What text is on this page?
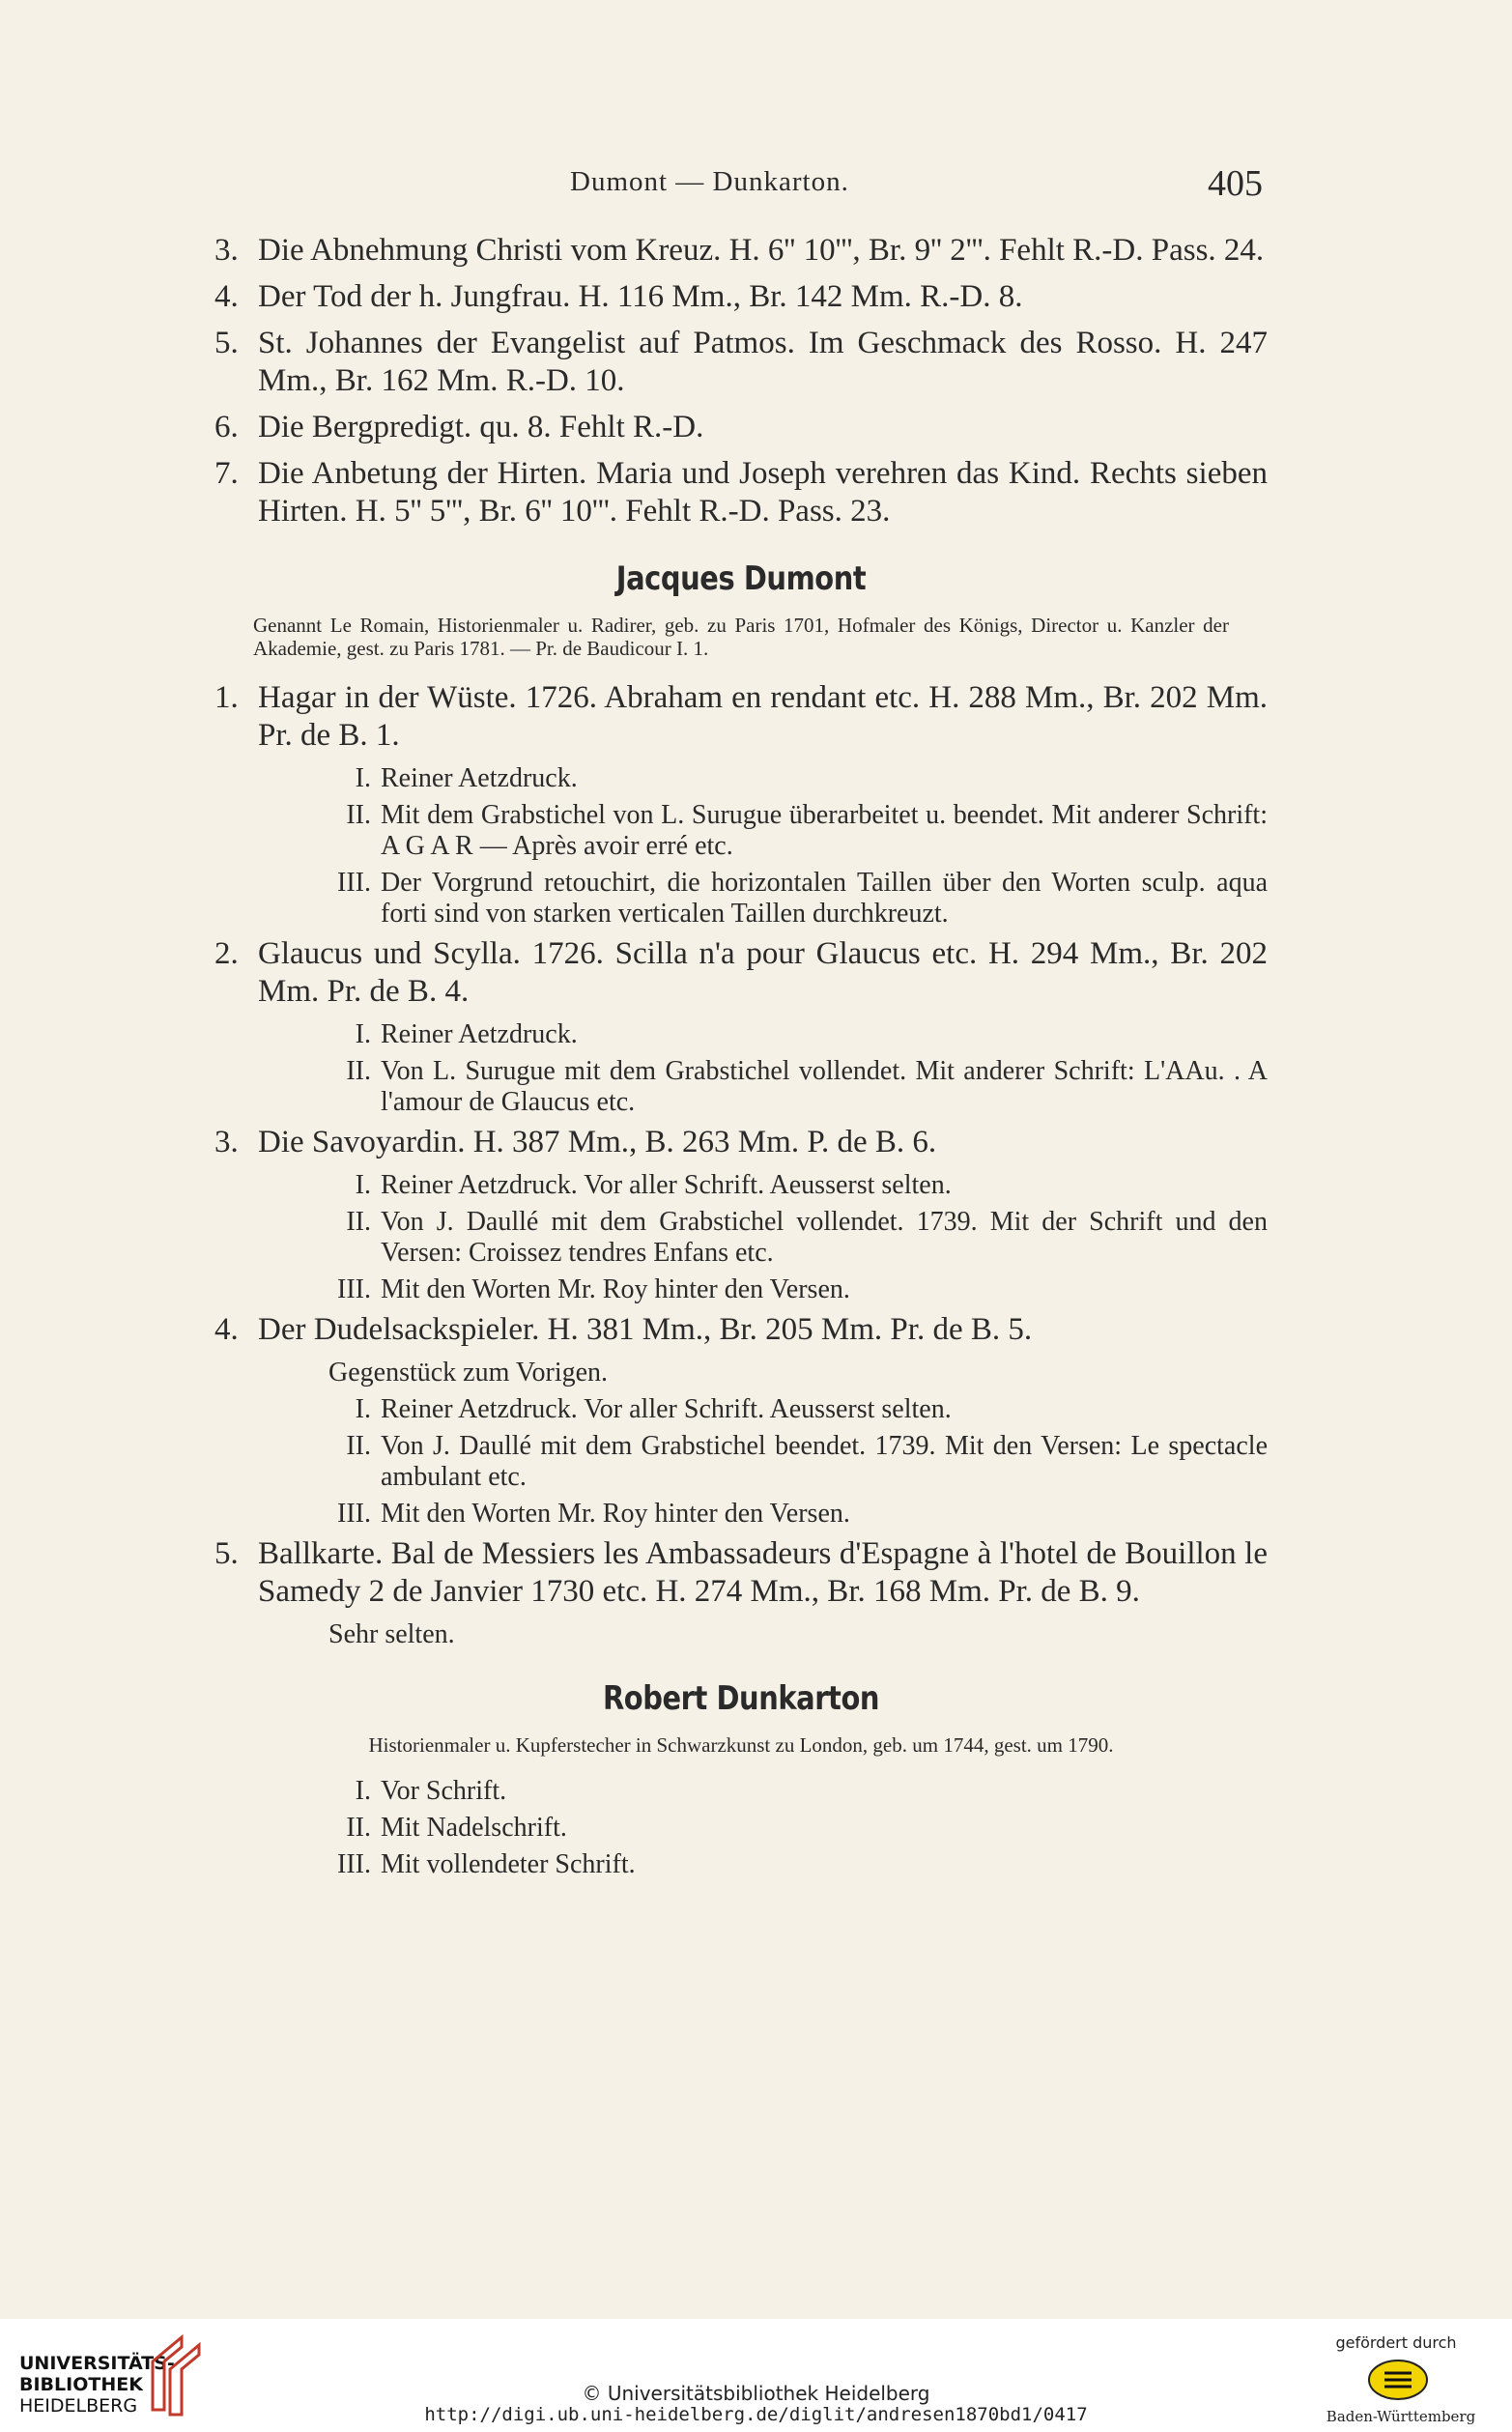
Dumont — Dunkarton.	405
3. Die Abnehmung Christi vom Kreuz. H. 6'' 10''', Br. 9'' 2'''. Fehlt R.-D. Pass. 24.
4. Der Tod der h. Jungfrau. H. 116 Mm., Br. 142 Mm. R.-D. 8.
5. St. Johannes der Evangelist auf Patmos. Im Geschmack des Rosso. H. 247 Mm., Br. 162 Mm. R.-D. 10.
6. Die Bergpredigt. qu. 8. Fehlt R.-D.
7. Die Anbetung der Hirten. Maria und Joseph verehren das Kind. Rechts sieben Hirten. H. 5'' 5''', Br. 6'' 10'''. Fehlt R.-D. Pass. 23.
Jacques Dumont
Genannt Le Romain, Historienmaler u. Radirer, geb. zu Paris 1701, Hofmaler des Königs, Director u. Kanzler der Akademie, gest. zu Paris 1781. — Pr. de Baudicour I. 1.
1. Hagar in der Wüste. 1726. Abraham en rendant etc. H. 288 Mm., Br. 202 Mm. Pr. de B. 1.
I. Reiner Aetzdruck.
II. Mit dem Grabstichel von L. Surugue überarbeitet u. beendet. Mit anderer Schrift: A G A R — Après avoir erré etc.
III. Der Vorgrund retouchirt, die horizontalen Taillen über den Worten sculp. aqua forti sind von starken verticalen Taillen durchkreuzt.
2. Glaucus und Scylla. 1726. Scilla n'a pour Glaucus etc. H. 294 Mm., Br. 202 Mm. Pr. de B. 4.
I. Reiner Aetzdruck.
II. Von L. Surugue mit dem Grabstichel vollendet. Mit anderer Schrift: L'AAu. . A l'amour de Glaucus etc.
3. Die Savoyardin. H. 387 Mm., B. 263 Mm. P. de B. 6.
I. Reiner Aetzdruck. Vor aller Schrift. Aeusserst selten.
II. Von J. Daullé mit dem Grabstichel vollendet. 1739. Mit der Schrift und den Versen: Croissez tendres Enfans etc.
III. Mit den Worten Mr. Roy hinter den Versen.
4. Der Dudelsackspieler. H. 381 Mm., Br. 205 Mm. Pr. de B. 5.
Gegenstück zum Vorigen.
I. Reiner Aetzdruck. Vor aller Schrift. Aeusserst selten.
II. Von J. Daullé mit dem Grabstichel beendet. 1739. Mit den Versen: Le spectacle ambulant etc.
III. Mit den Worten Mr. Roy hinter den Versen.
5. Ballkarte. Bal de Messiers les Ambassadeurs d'Espagne à l'hotel de Bouillon le Samedy 2 de Janvier 1730 etc. H. 274 Mm., Br. 168 Mm. Pr. de B. 9.
Sehr selten.
Robert Dunkarton
Historienmaler u. Kupferstecher in Schwarzkunst zu London, geb. um 1744, gest. um 1790.
I. Vor Schrift.
II. Mit Nadelschrift.
III. Mit vollendeter Schrift.
UNIVERSITÄTS-
BIBLIOTHEK
HEIDELBERG
© Universitätsbibliothek Heidelberg
http://digi.ub.uni-heidelberg.de/diglit/andresen1870bd1/0417
gefördert durch
Baden-Württemberg
